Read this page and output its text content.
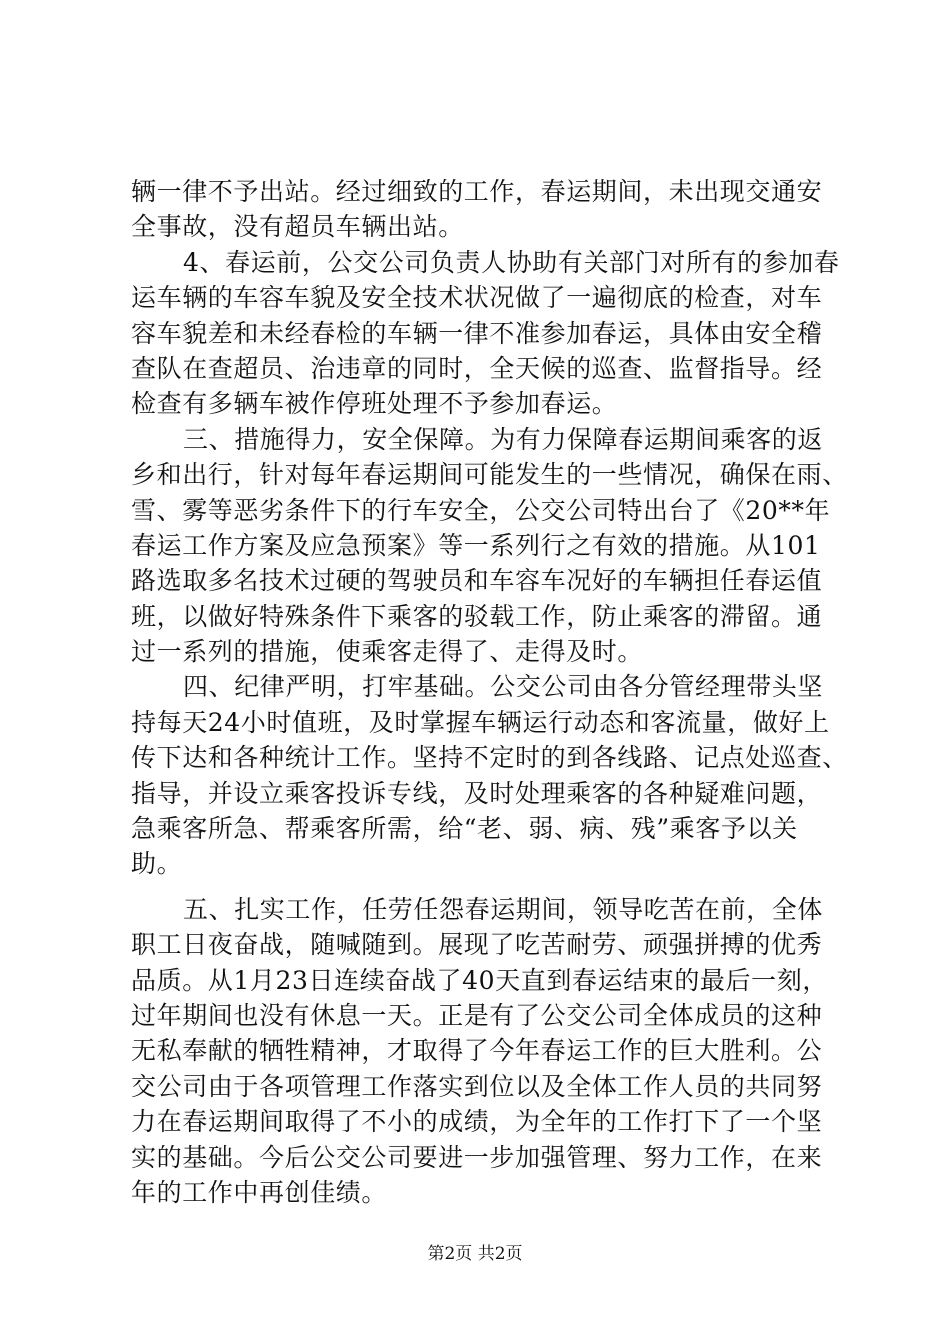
辆一律不予出站。经过细致的工作，春运期间，未出现交通安
全事故，没有超员车辆出站。
4、春运前，公交公司负责人协助有关部门对所有的参加春
运车辆的车容车貌及安全技术状况做了一遍彻底的检查，对车
容车貌差和未经春检的车辆一律不准参加春运，具体由安全稽
查队在查超员、治违章的同时，全天候的巡查、监督指导。经
检查有多辆车被作停班处理不予参加春运。
三、措施得力，安全保障。为有力保障春运期间乘客的返
乡和出行，针对每年春运期间可能发生的一些情况，确保在雨、
雪、雾等恶劣条件下的行车安全，公交公司特出台了《20**年
春运工作方案及应急预案》等一系列行之有效的措施。从101
路选取多名技术过硬的驾驶员和车容车况好的车辆担任春运值
班，以做好特殊条件下乘客的驳载工作，防止乘客的滞留。通
过一系列的措施，使乘客走得了、走得及时。
四、纪律严明，打牢基础。公交公司由各分管经理带头坚
持每天24小时值班，及时掌握车辆运行动态和客流量，做好上
传下达和各种统计工作。坚持不定时的到各线路、记点处巡查、
指导，并设立乘客投诉专线，及时处理乘客的各种疑难问题，
急乘客所急、帮乘客所需，给“老、弱、病、残”乘客予以关
助。
五、扎实工作，任劳任怨春运期间，领导吃苦在前，全体
职工日夜奋战，随喊随到。展现了吃苦耐劳、顽强拼搏的优秀
品质。从1月23日连续奋战了40天直到春运结束的最后一刻，
过年期间也没有休息一天。正是有了公交公司全体成员的这种
无私奉献的牺牲精神，才取得了今年春运工作的巨大胜利。公
交公司由于各项管理工作落实到位以及全体工作人员的共同努
力在春运期间取得了不小的成绩，为全年的工作打下了一个坚
实的基础。今后公交公司要进一步加强管理、努力工作，在来
年的工作中再创佳绩。
第2页 共2页
